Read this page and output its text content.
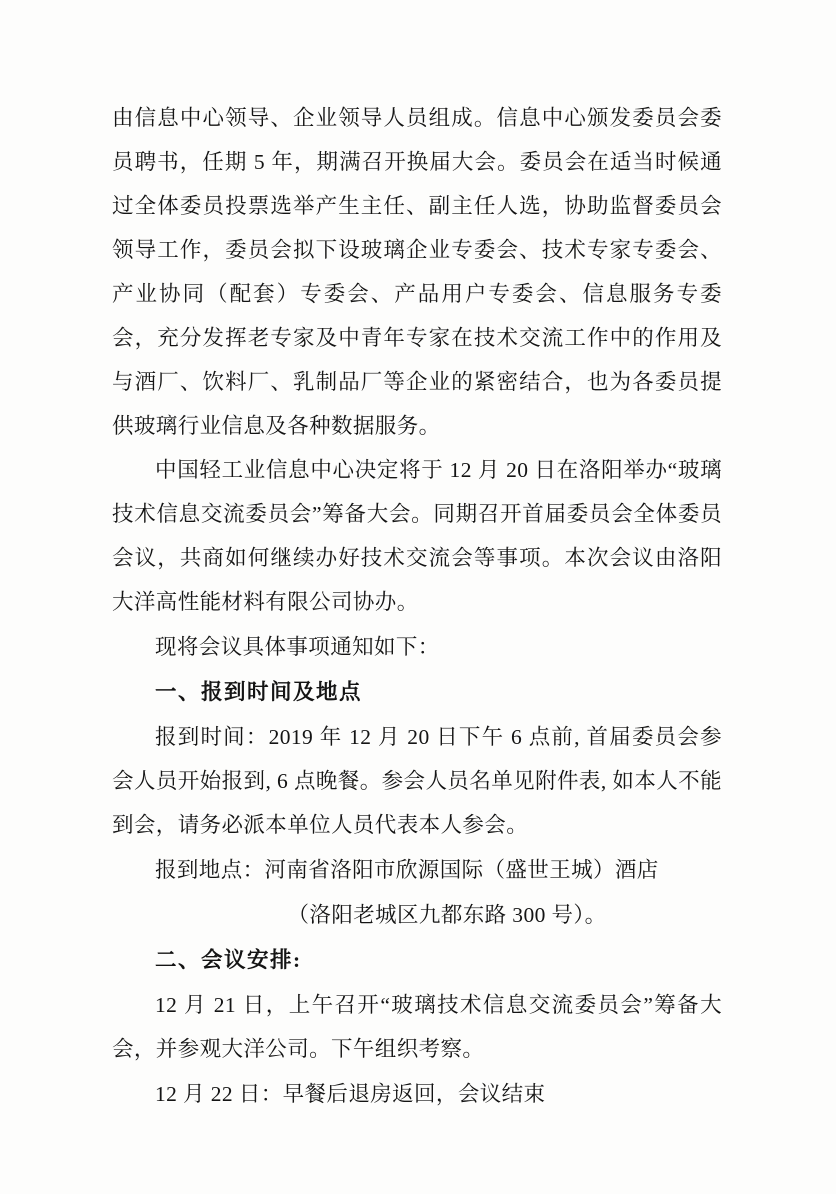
由信息中心领导、企业领导人员组成。信息中心颁发委员会委员聘书，任期 5 年，期满召开换届大会。委员会在适当时候通过全体委员投票选举产生主任、副主任人选，协助监督委员会领导工作，委员会拟下设玻璃企业专委会、技术专家专委会、产业协同（配套）专委会、产品用户专委会、信息服务专委会，充分发挥老专家及中青年专家在技术交流工作中的作用及与酒厂、饮料厂、乳制品厂等企业的紧密结合，也为各委员提供玻璃行业信息及各种数据服务。

中国轻工业信息中心决定将于 12 月 20 日在洛阳举办“玻璃技术信息交流委员会”筹备大会。同期召开首届委员会全体委员会议，共商如何继续办好技术交流会等事项。本次会议由洛阳大洋高性能材料有限公司协办。

现将会议具体事项通知如下：

一、报到时间及地点

报到时间：2019 年 12 月 20 日下午 6 点前, 首届委员会参会人员开始报到, 6 点晚餐。参会人员名单见附件表, 如本人不能到会，请务必派本单位人员代表本人参会。

报到地点：河南省洛阳市欣源国际（盛世王城）酒店

（洛阳老城区九都东路 300 号）。

二、会议安排:

12 月 21 日，上午召开“玻璃技术信息交流委员会”筹备大会，并参观大洋公司。下午组织考察。

12 月 22 日：早餐后退房返回，会议结束
